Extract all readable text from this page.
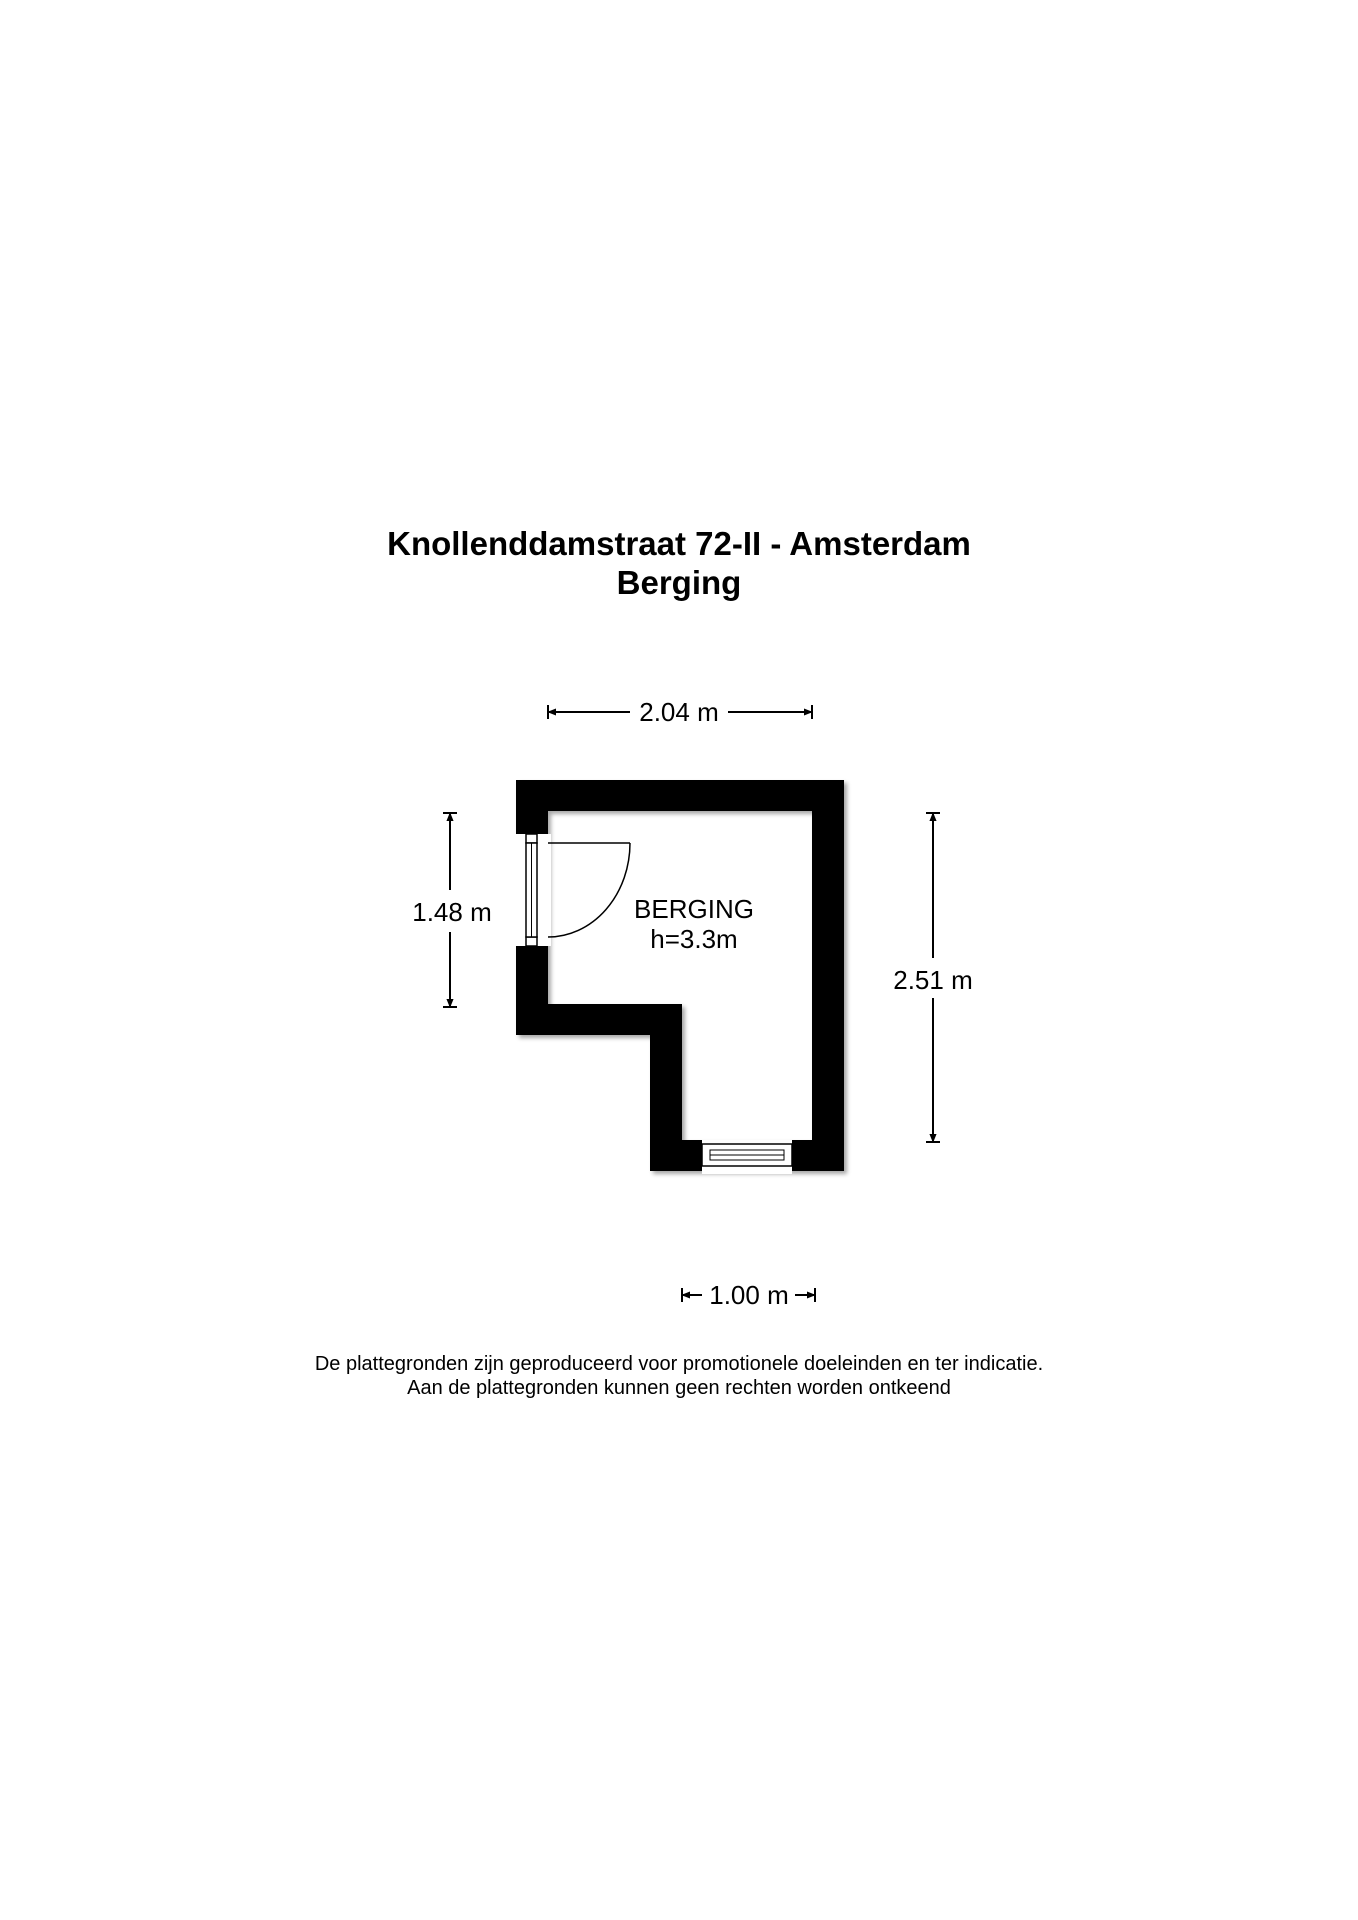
Knollenddamstraat 72-II - Amsterdam
Berging
BERGING
h=3.3m
2.04 m
1.48 m
2.51 m
1.00 m
De plattegronden zijn geproduceerd voor promotionele doeleinden en ter indicatie.
Aan de plattegronden kunnen geen rechten worden ontkeend
